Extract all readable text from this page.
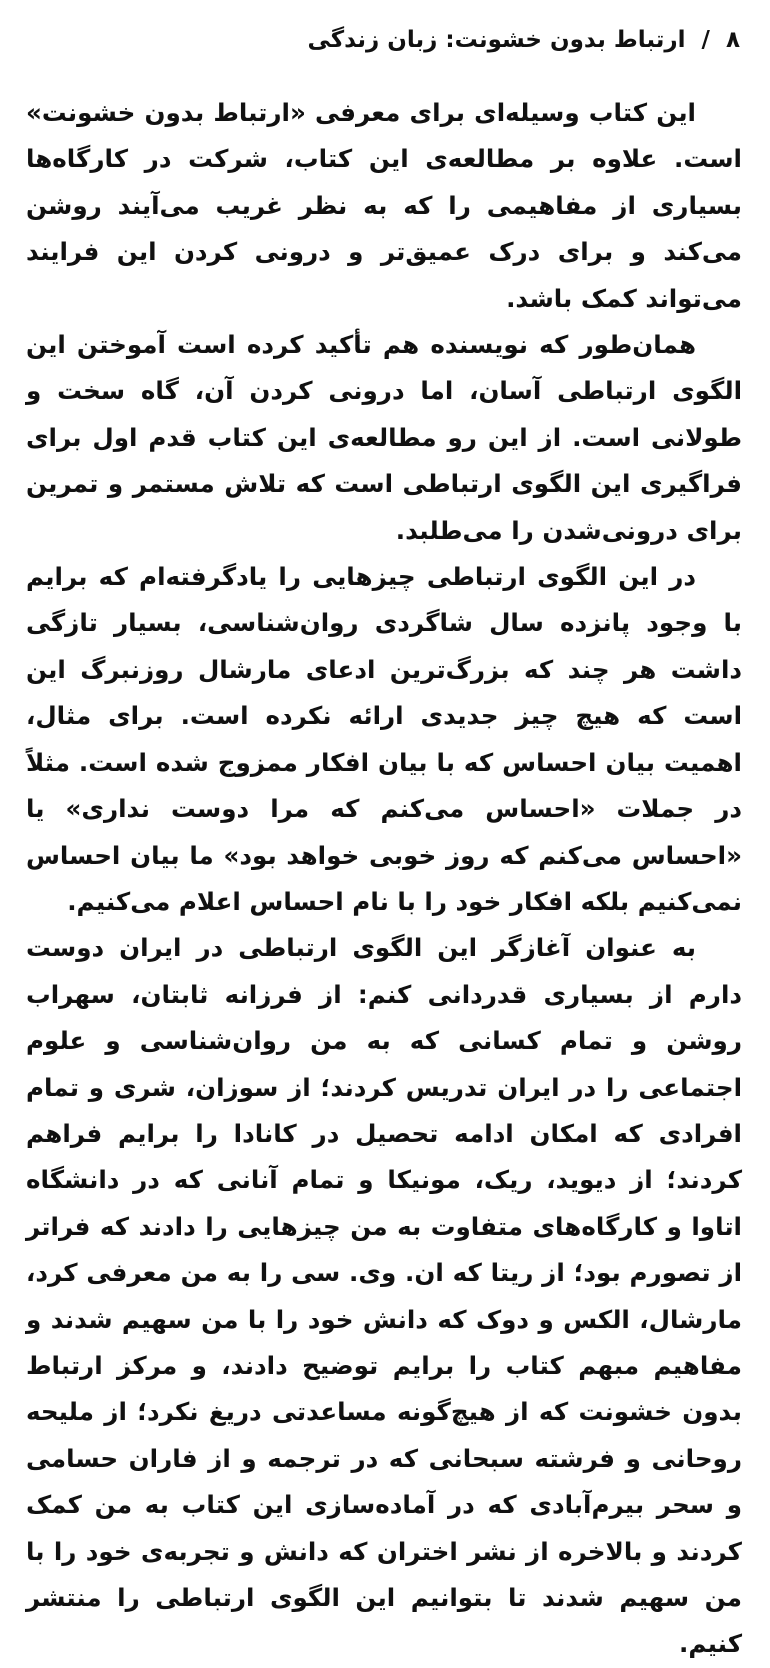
۸
/
ارتباط بدون خشونت: زبان زندگی

این کتاب وسیله‌ای برای معرفی «ارتباط بدون خشونت» است. علاوه بر مطالعه‌ی این کتاب، شرکت در کارگاه‌ها بسیاری از مفاهیمی را که به نظر غریب می‌آیند روشن می‌کند و برای درک عمیق‌تر و درونی کردن این فرایند می‌تواند کمک باشد.

همان‌طور که نویسنده هم تأکید کرده است آموختن این الگوی ارتباطی آسان، اما درونی کردن آن، گاه سخت و طولانی است. از این رو مطالعه‌ی این کتاب قدم اول برای فراگیری این الگوی ارتباطی است که تلاش مستمر و تمرین برای درونی‌شدن را می‌طلبد.

در این الگوی ارتباطی چیزهایی را یادگرفته‌ام که برایم با وجود پانزده سال شاگردی روان‌شناسی، بسیار تازگی داشت هر چند که بزرگ‌ترین ادعای مارشال روزنبرگ این است که هیچ چیز جدیدی ارائه نکرده است. برای مثال، اهمیت بیان احساس که با بیان افکار ممزوج شده است. مثلاً در جملات «احساس می‌کنم که مرا دوست نداری» یا «احساس می‌کنم که روز خوبی خواهد بود» ما بیان احساس نمی‌کنیم بلکه افکار خود را با نام احساس اعلام می‌کنیم.

به عنوان آغازگر این الگوی ارتباطی در ایران دوست دارم از بسیاری قدردانی کنم: از فرزانه ثابتان، سهراب روشن و تمام کسانی که به من روان‌شناسی و علوم اجتماعی را در ایران تدریس کردند؛ از سوزان، شری و تمام افرادی که امکان ادامه تحصیل در کانادا را برایم فراهم کردند؛ از دیوید، ریک، مونیکا و تمام آنانی که در دانشگاه اتاوا و کارگاه‌های متفاوت به من چیزهایی را دادند که فراتر از تصورم بود؛ از ریتا که ان. وی. سی را به من معرفی کرد، مارشال، الکس و دوک که دانش خود را با من سهیم شدند و مفاهیم مبهم کتاب را برایم توضیح دادند، و مرکز ارتباط بدون خشونت که از هیچ‌گونه مساعدتی دریغ نکرد؛ از ملیحه روحانی و فرشته سبحانی که در ترجمه و از فاران حسامی و سحر بیرم‌آبادی که در آماده‌سازی این کتاب به من کمک کردند و بالاخره از نشر اختران که دانش و تجربه‌ی خود را با من سهیم شدند تا بتوانیم این الگوی ارتباطی را منتشر کنیم.
